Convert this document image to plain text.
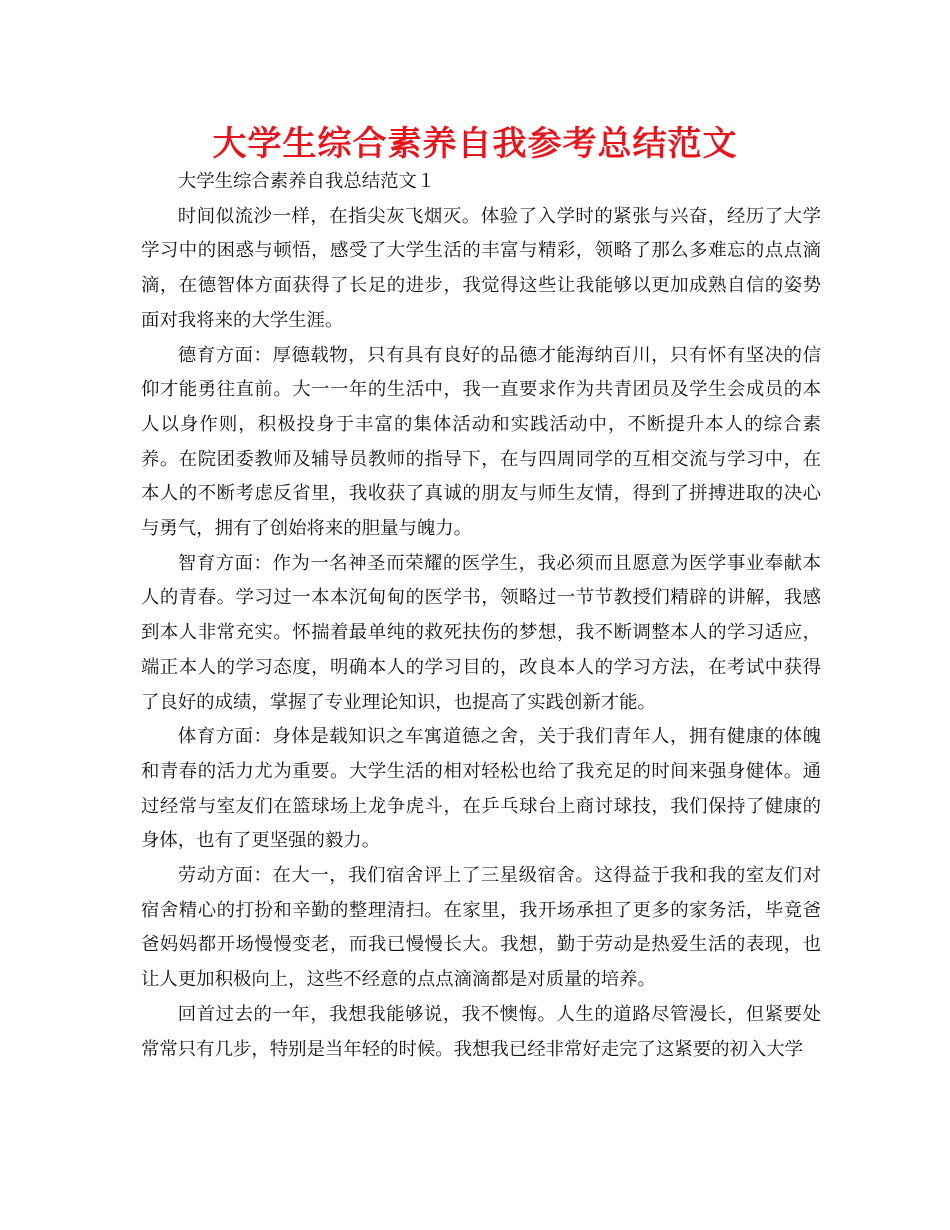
大学生综合素养自我参考总结范文

大学生综合素养自我总结范文１

时间似流沙一样，在指尖灰飞烟灭。体验了入学时的紧张与兴奋，经历了大学学习中的困惑与顿悟，感受了大学生活的丰富与精彩，领略了那么多难忘的点点滴滴，在德智体方面获得了长足的进步，我觉得这些让我能够以更加成熟自信的姿势面对我将来的大学生涯。

德育方面：厚德载物，只有具有良好的品德才能海纳百川，只有怀有坚决的信仰才能勇往直前。大一一年的生活中，我一直要求作为共青团员及学生会成员的本人以身作则，积极投身于丰富的集体活动和实践活动中，不断提升本人的综合素养。在院团委教师及辅导员教师的指导下，在与四周同学的互相交流与学习中，在本人的不断考虑反省里，我收获了真诚的朋友与师生友情，得到了拼搏进取的决心与勇气，拥有了创始将来的胆量与魄力。

智育方面：作为一名神圣而荣耀的医学生，我必须而且愿意为医学事业奉献本人的青春。学习过一本本沉甸甸的医学书，领略过一节节教授们精辟的讲解，我感到本人非常充实。怀揣着最单纯的救死扶伤的梦想，我不断调整本人的学习适应，端正本人的学习态度，明确本人的学习目的，改良本人的学习方法，在考试中获得了良好的成绩，掌握了专业理论知识，也提高了实践创新才能。

体育方面：身体是载知识之车寓道德之舍，关于我们青年人，拥有健康的体魄和青春的活力尤为重要。大学生活的相对轻松也给了我充足的时间来强身健体。通过经常与室友们在篮球场上龙争虎斗，在乒乓球台上商讨球技，我们保持了健康的身体，也有了更坚强的毅力。

劳动方面：在大一，我们宿舍评上了三星级宿舍。这得益于我和我的室友们对宿舍精心的打扮和辛勤的整理清扫。在家里，我开场承担了更多的家务活，毕竟爸爸妈妈都开场慢慢变老，而我已慢慢长大。我想，勤于劳动是热爱生活的表现，也让人更加积极向上，这些不经意的点点滴滴都是对质量的培养。

回首过去的一年，我想我能够说，我不懊悔。人生的道路尽管漫长，但紧要处常常只有几步，特别是当年轻的时候。我想我已经非常好走完了这紧要的初入大学
